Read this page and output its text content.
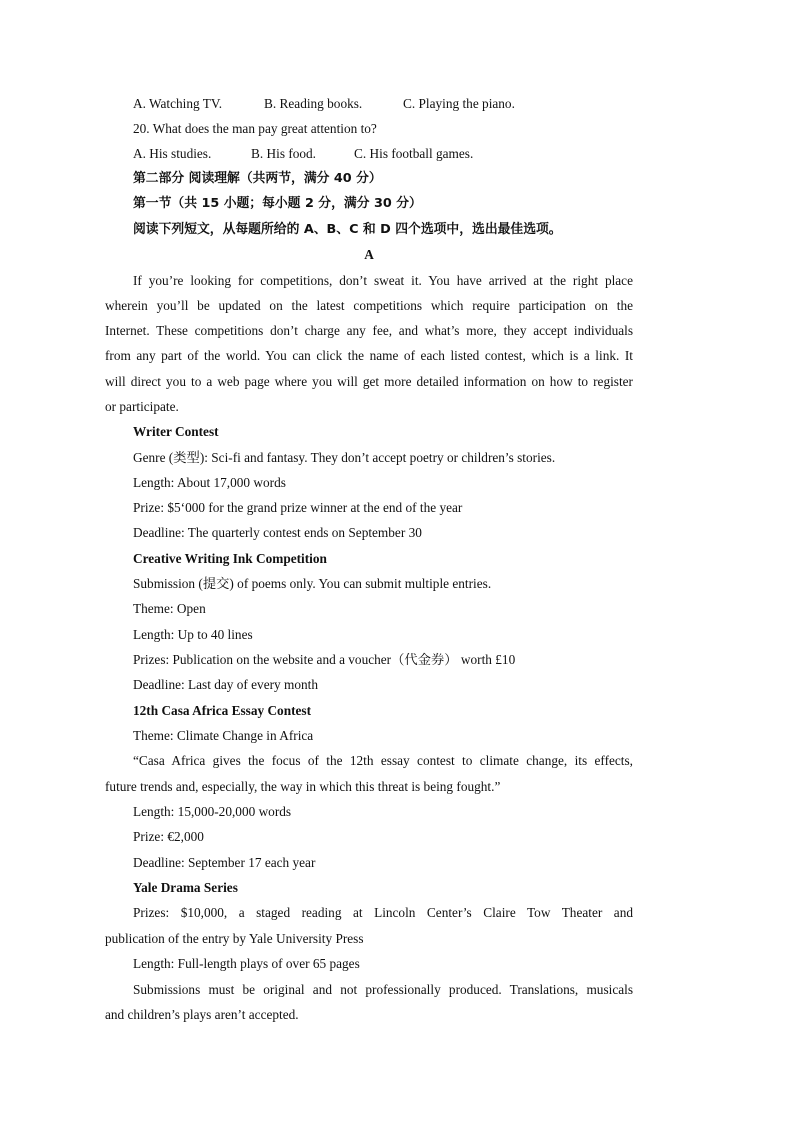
A. Watching TV.	B. Reading books.	C. Playing the piano.
20. What does the man pay great attention to?
A. His studies.	B. His food.	C. His football games.
第二部分 阅读理解（共两节，满分 40 分）
第一节（共 15 小题；每小题 2 分，满分 30 分）
阅读下列短文，从每题所给的 A、B、C 和 D 四个选项中，选出最佳选项。
A
If you’re looking for competitions, don’t sweat it. You have arrived at the right place
wherein you’ll be updated on the latest competitions which require participation on the
Internet. These competitions don’t charge any fee, and what’s more, they accept individuals
from any part of the world. You can click the name of each listed contest, which is a link. It
will direct you to a web page where you will get more detailed information on how to register
or participate.
Writer Contest
Genre (类型): Sci-fi and fantasy. They don’t accept poetry or children’s stories.
Length: About 17,000 words
Prize: $5‘000 for the grand prize winner at the end of the year
Deadline: The quarterly contest ends on September 30
Creative Writing Ink Competition
Submission (提交) of poems only. You can submit multiple entries.
Theme: Open
Length: Up to 40 lines
Prizes: Publication on the website and a voucher（代金券） worth £10
Deadline: Last day of every month
12th Casa Africa Essay Contest
Theme: Climate Change in Africa
“Casa Africa gives the focus of the 12th essay contest to climate change, its effects,
future trends and, especially, the way in which this threat is being fought.”
Length: 15,000-20,000 words
Prize: €2,000
Deadline: September 17 each year
Yale Drama Series
Prizes: $10,000, a staged reading at Lincoln Center’s Claire Tow Theater and
publication of the entry by Yale University Press
Length: Full-length plays of over 65 pages
Submissions must be original and not professionally produced. Translations, musicals
and children’s plays aren’t accepted.
